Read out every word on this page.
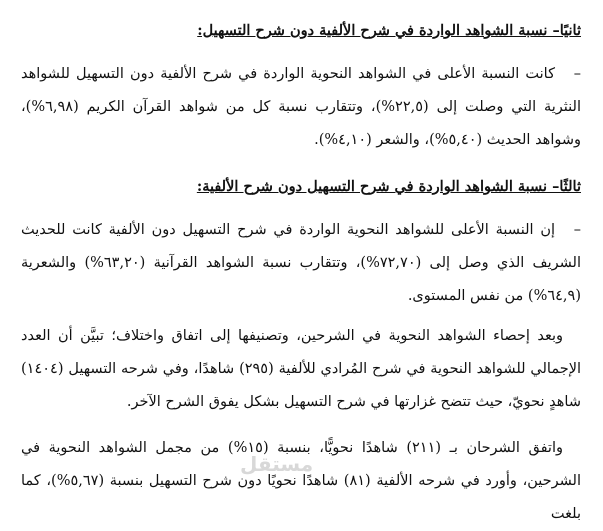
ثانيًا– نسبة الشواهد الواردة في شرح الألفية دون شرح التسهيل:
–كانت النسبة الأعلى في الشواهد النحوية الواردة في شرح الألفية دون التسهيل للشواهد النثرية التي وصلت إلى (٢٢,٥%)، وتتقارب نسبة كل من شواهد القرآن الكريم (٦,٩٨%)، وشواهد الحديث (٥,٤٠%)، والشعر (٤,١٠%).
ثالثًا– نسبة الشواهد الواردة في شرح التسهيل دون شرح الألفية:
–إن النسبة الأعلى للشواهد النحوية الواردة في شرح التسهيل دون الألفية كانت للحديث الشريف الذي وصل إلى (٧٢,٧٠%)، وتتقارب نسبة الشواهد القرآنية (٦٣,٢٠%) والشعرية (٦٤,٩%) من نفس المستوى.
وبعد إحصاء الشواهد النحوية في الشرحين، وتصنيفها إلى اتفاق واختلاف؛ تبيَّن أن العدد الإجمالي للشواهد النحوية في شرح المُرادي للألفية (٢٩٥) شاهدًا، وفي شرحه التسهيل (١٤٠٤) شاهدٍ نحويّ، حيث تتضح غزارتها في شرح التسهيل بشكل يفوق الشرح الآخر.
واتفق الشرحان بـ (٢١١) شاهدًا نحويًّا، بنسبة (١٥%) من مجمل الشواهد النحوية في الشرحين، وأورد في شرحه الألفية (٨١) شاهدًا نحويًا دون شرح التسهيل بنسبة (٥,٦٧%)، كما بلغت
مستقل
